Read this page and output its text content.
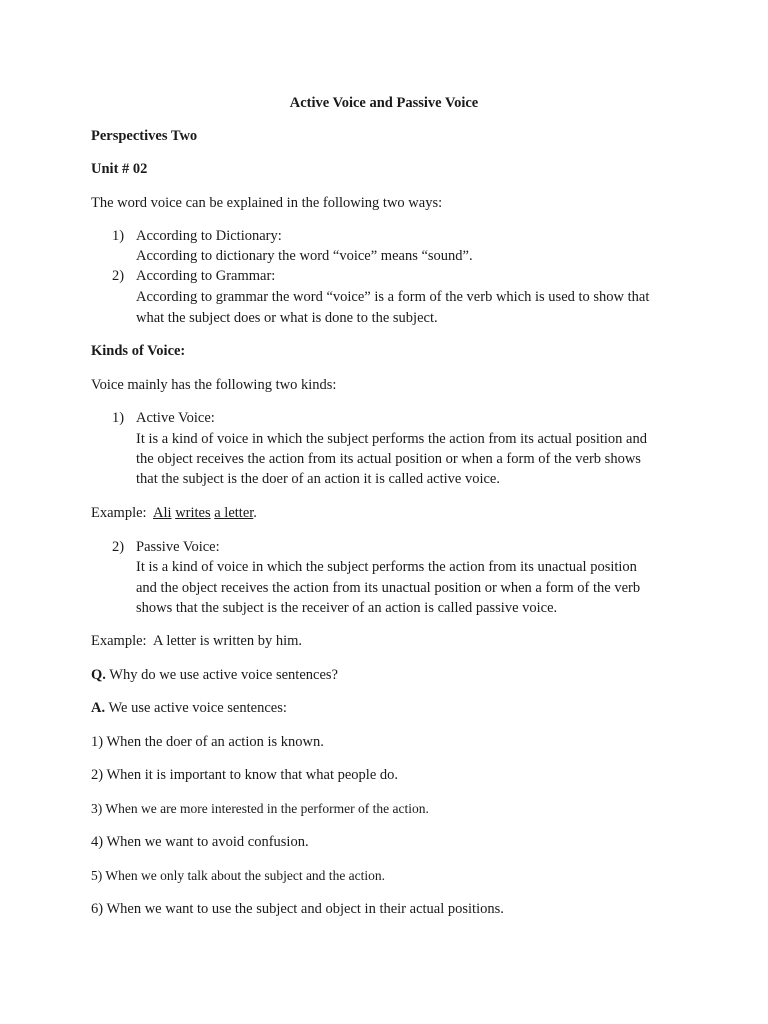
Active Voice and Passive Voice
Perspectives Two
Unit # 02
The word voice can be explained in the following two ways:
1) According to Dictionary:
According to dictionary the word “voice” means “sound”.
2) According to Grammar:
According to grammar the word “voice” is a form of the verb which is used to show that
what the subject does or what is done to the subject.
Kinds of Voice:
Voice mainly has the following two kinds:
1) Active Voice:
It is a kind of voice in which the subject performs the action from its actual position and
the object receives the action from its actual position or when a form of the verb shows
that the subject is the doer of an action it is called active voice.
Example: Ali writes a letter.
2) Passive Voice:
It is a kind of voice in which the subject performs the action from its unactual position
and the object receives the action from its unactual position or when a form of the verb
shows that the subject is the receiver of an action is called passive voice.
Example: A letter is written by him.
Q. Why do we use active voice sentences?
A. We use active voice sentences:
1) When the doer of an action is known.
2) When it is important to know that what people do.
3) When we are more interested in the performer of the action.
4) When we want to avoid confusion.
5) When we only talk about the subject and the action.
6) When we want to use the subject and object in their actual positions.
